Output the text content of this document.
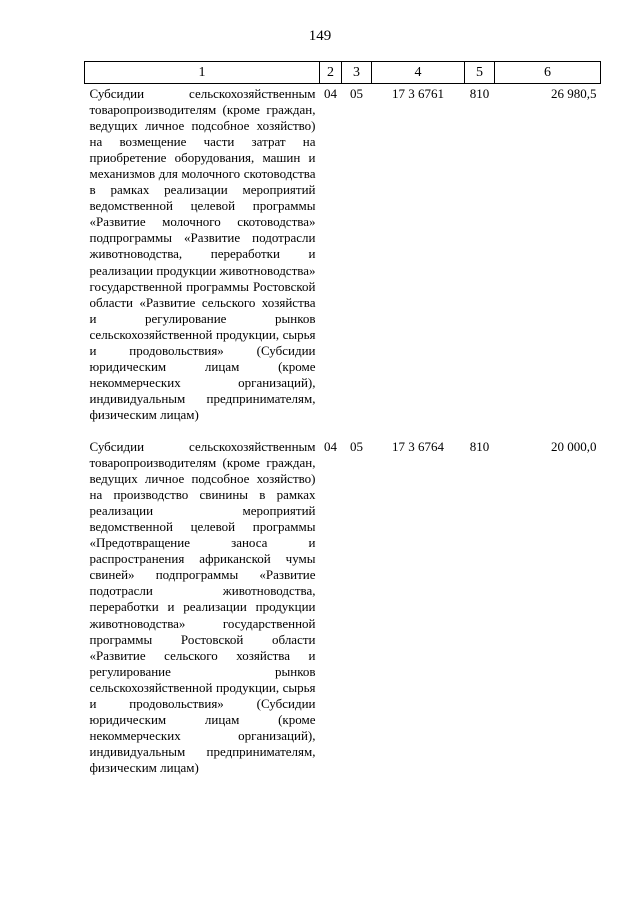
149
1	2	3	4	5	6
Субсидии сельскохозяйственным товаропроизводителям (кроме граждан, ведущих личное подсобное хозяйство) на возмещение части затрат на приобретение оборудования, машин и механизмов для молочного скотоводства в рамках реализации мероприятий ведомственной целевой программы «Развитие молочного скотоводства» подпрограммы «Развитие подотрасли животноводства, переработки и реализации продукции животноводства» государственной программы Ростовской области «Развитие сельского хозяйства и регулирование рынков сельскохозяйственной продукции, сырья и продовольствия» (Субсидии юридическим лицам (кроме некоммерческих организаций), индивидуальным предпринимателям, физическим лицам)	04	05	17 3 6761	810	26 980,5

Субсидии сельскохозяйственным товаропроизводителям (кроме граждан, ведущих личное подсобное хозяйство) на производство свинины в рамках реализации мероприятий ведомственной целевой программы «Предотвращение заноса и распространения африканской чумы свиней» подпрограммы «Развитие подотрасли животноводства, переработки и реализации продукции животноводства» государственной программы Ростовской области «Развитие сельского хозяйства и регулирование рынков сельскохозяйственной продукции, сырья и продовольствия» (Субсидии юридическим лицам (кроме некоммерческих организаций), индивидуальным предпринимателям, физическим лицам)	04	05	17 3 6764	810	20 000,0
